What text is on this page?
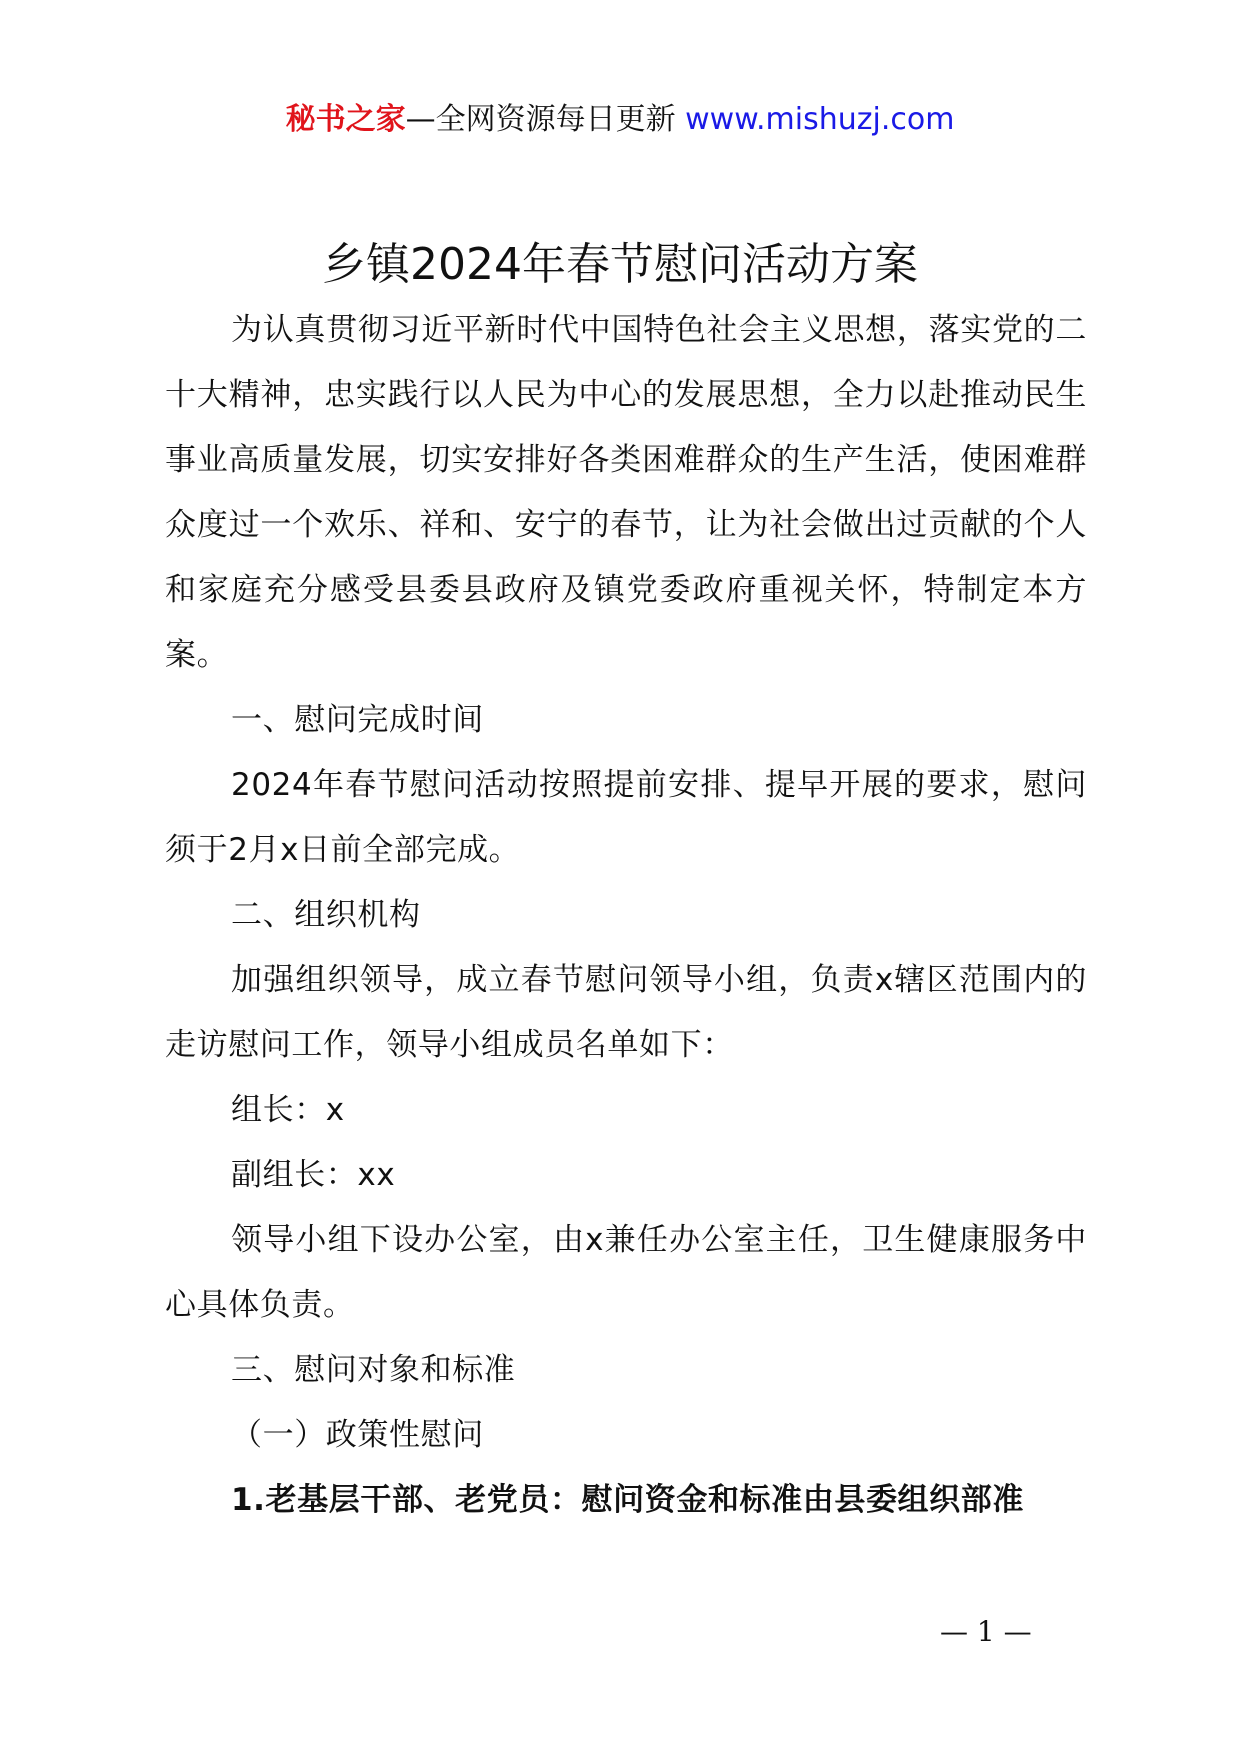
秘书之家—全网资源每日更新 www.mishuzj.com
乡镇2024年春节慰问活动方案

为认真贯彻习近平新时代中国特色社会主义思想，落实党的二十大精神，忠实践行以人民为中心的发展思想，全力以赴推动民生事业高质量发展，切实安排好各类困难群众的生产生活，使困难群众度过一个欢乐、祥和、安宁的春节，让为社会做出过贡献的个人和家庭充分感受县委县政府及镇党委政府重视关怀，特制定本方案。

一、慰问完成时间

2024年春节慰问活动按照提前安排、提早开展的要求，慰问须于2月x日前全部完成。

二、组织机构

加强组织领导，成立春节慰问领导小组，负责x辖区范围内的走访慰问工作，领导小组成员名单如下：

组长：x

副组长：xx

领导小组下设办公室，由x兼任办公室主任，卫生健康服务中心具体负责。

三、慰问对象和标准

（一）政策性慰问

1.老基层干部、老党员：慰问资金和标准由县委组织部准

— 1 —
